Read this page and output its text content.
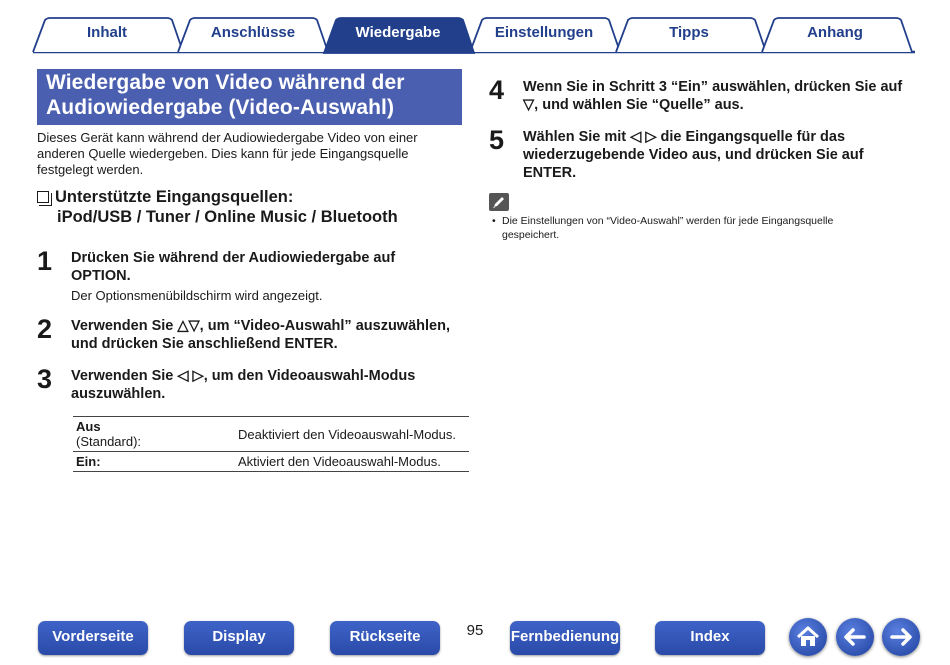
Inhalt	Anschlüsse	Wiedergabe	Einstellungen	Tipps	Anhang
Wiedergabe von Video während der
Audiowiedergabe (Video-Auswahl)
Dieses Gerät kann während der Audiowiedergabe Video von einer
anderen Quelle wiedergeben. Dies kann für jede Eingangsquelle
festgelegt werden.
Unterstützte Eingangsquellen:
iPod/USB / Tuner / Online Music / Bluetooth
1 Drücken Sie während der Audiowiedergabe auf
OPTION.
Der Optionsmenübildschirm wird angezeigt.
2 Verwenden Sie △▽, um “Video-Auswahl” auszuwählen,
und drücken Sie anschließend ENTER.
3 Verwenden Sie ◁ ▷, um den Videoauswahl-Modus
auszuwählen.
Aus
(Standard):	Deaktiviert den Videoauswahl-Modus.
Ein:	Aktiviert den Videoauswahl-Modus.
4 Wenn Sie in Schritt 3 “Ein” auswählen, drücken Sie auf
▽, und wählen Sie “Quelle” aus.
5 Wählen Sie mit ◁ ▷ die Eingangsquelle für das
wiederzugebende Video aus, und drücken Sie auf
ENTER.
• Die Einstellungen von “Video-Auswahl” werden für jede Eingangsquelle
gespeichert.
Vorderseite	Display	Rückseite	95	Fernbedienung	Index
